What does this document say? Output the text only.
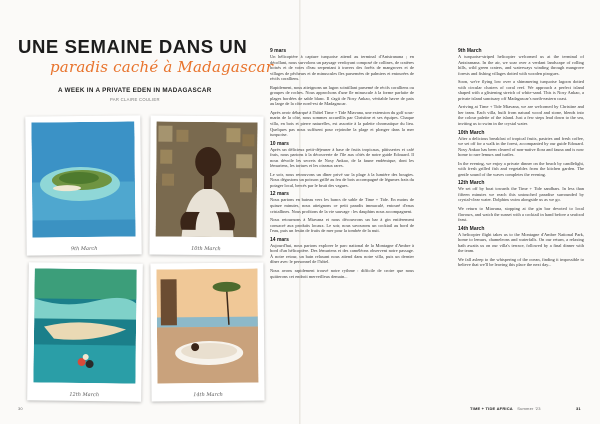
UNE SEMAINE DANS UN
paradis caché à Madagascar
A WEEK IN A PRIVATE EDEN IN MADAGASCAR
PAR CLAIRE COULIER
9th March	10th March
12th March	14th March
9 mars

Un hélicoptère à capture turquoise attend au terminal d'Antsiranana ; en décollant, nous survolons un paysage verdoyant composé de collines, de cratères boisés et de voies d'eau serpentant à travers des forêts de mangroves et de villages de pêcheurs et de minuscules îles parsemées de palmiers et entourées de récifs coralliens.

Rapidement, nous atteignons un lagon scintillant parsemé de récifs coralliens ou groupes de roches. Nous approchons d'une île minuscule à la forme parfaite de plages bordées de sable blanc. Il s'agit de Nosy Ankao, véritable havre de paix au large de la côte nord-est de Madagascar.

Après avoir débarqué à l'hôtel Time + Tide Miavana, une extension du golf sous-marin de la côte, nous sommes accueillis par Christine et ses équipes. Chaque villa, en bois et pierre naturelles, est assortie à la palette chromatique du lieu. Quelques pas nous suffisent pour rejoindre la plage et plonger dans la mer turquoise.

10 mars

Après un délicieux petit-déjeuner à base de fruits tropicaux, pâtisseries et café frais, nous partons à la découverte de l'île aux côtés de notre guide Edouard. Il nous dévoile les secrets de Nosy Ankao, de la faune endémique, dont les lémuriens, les tortues et les oiseaux rares.

Le soir, nous retrouvons un dîner privé sur la plage à la lumière des bougies. Nous dégustons un poisson grillé au feu de bois accompagné de légumes frais du potager local, bercés par le bruit des vagues.

12 mars

Nous partons en bateau vers les bancs de sable de Time + Tide. En moins de quinze minutes, nous atteignons ce petit paradis immaculé, entouré d'eaux cristallines. Nous profitons de la vie sauvage : les dauphins nous accompagnent.

Nous retournons à Miavana et nous découvrons un bar à gin entièrement consacré aux produits locaux. Le soir, nous savourons un cocktail au bord de l'eau, puis un festin de fruits de mer pour la tombée de la nuit.

14 mars

Aujourd'hui, nous partons explorer le parc national de la Montagne d'Ambre à bord d'un hélicoptère. Des lémuriens et des caméléons observent notre passage. À notre retour, un bain relaxant nous attend dans notre villa, puis un dernier dîner avec le personnel de l'hôtel.

Nous avons rapidement trouvé notre rythme : difficile de croire que nous quitterons cet endroit merveilleux demain...

9th March

A turquoise-striped helicopter welcomed us at the terminal of Antsiranana. In the air, we soar over a verdant landscape of rolling hills, wild green craters, and waterways winding through mangrove forests and fishing villages dotted with wooden pirogues.

Soon, we're flying low over a shimmering turquoise lagoon dotted with circular clusters of coral reef. We approach a perfect island shaped with a glistening stretch of white-sand. This is Nosy Ankao, a private island sanctuary off Madagascar's north-eastern coast.

Arriving at Time + Tide Miavana, we are welcomed by Christine and her team. Each villa, built from natural wood and stone, blends into the colour palette of the island. Just a few steps lead down to the sea, inviting us to swim in the crystal water.

10th March

After a delicious breakfast of tropical fruits, pastries and fresh coffee, we set off for a walk in the forest, accompanied by our guide Edouard. Nosy Ankao has been cleared of non-native flora and fauna and is now home to rare lemurs and turtles.

In the evening, we enjoy a private dinner on the beach by candlelight, with fresh grilled fish and vegetables from the kitchen garden. The gentle sound of the waves completes the evening.

12th March

We set off by boat towards the Time + Tide sandbars. In less than fifteen minutes we reach this untouched paradise surrounded by crystal-clear water. Dolphins swim alongside us as we go.

We return to Miavana, stopping at the gin bar devoted to local flavours, and watch the sunset with a cocktail in hand before a seafood feast.

14th March

A helicopter flight takes us to the Montagne d'Ambre National Park, home to lemurs, chameleons and waterfalls. On our return, a relaxing bath awaits us on our villa's terrace, followed by a final dinner with the team.

We fall asleep to the whispering of the ocean, finding it impossible to believe that we'll be leaving this place the next day...

30	TIME + TIDE AFRICA Summer '23	31
